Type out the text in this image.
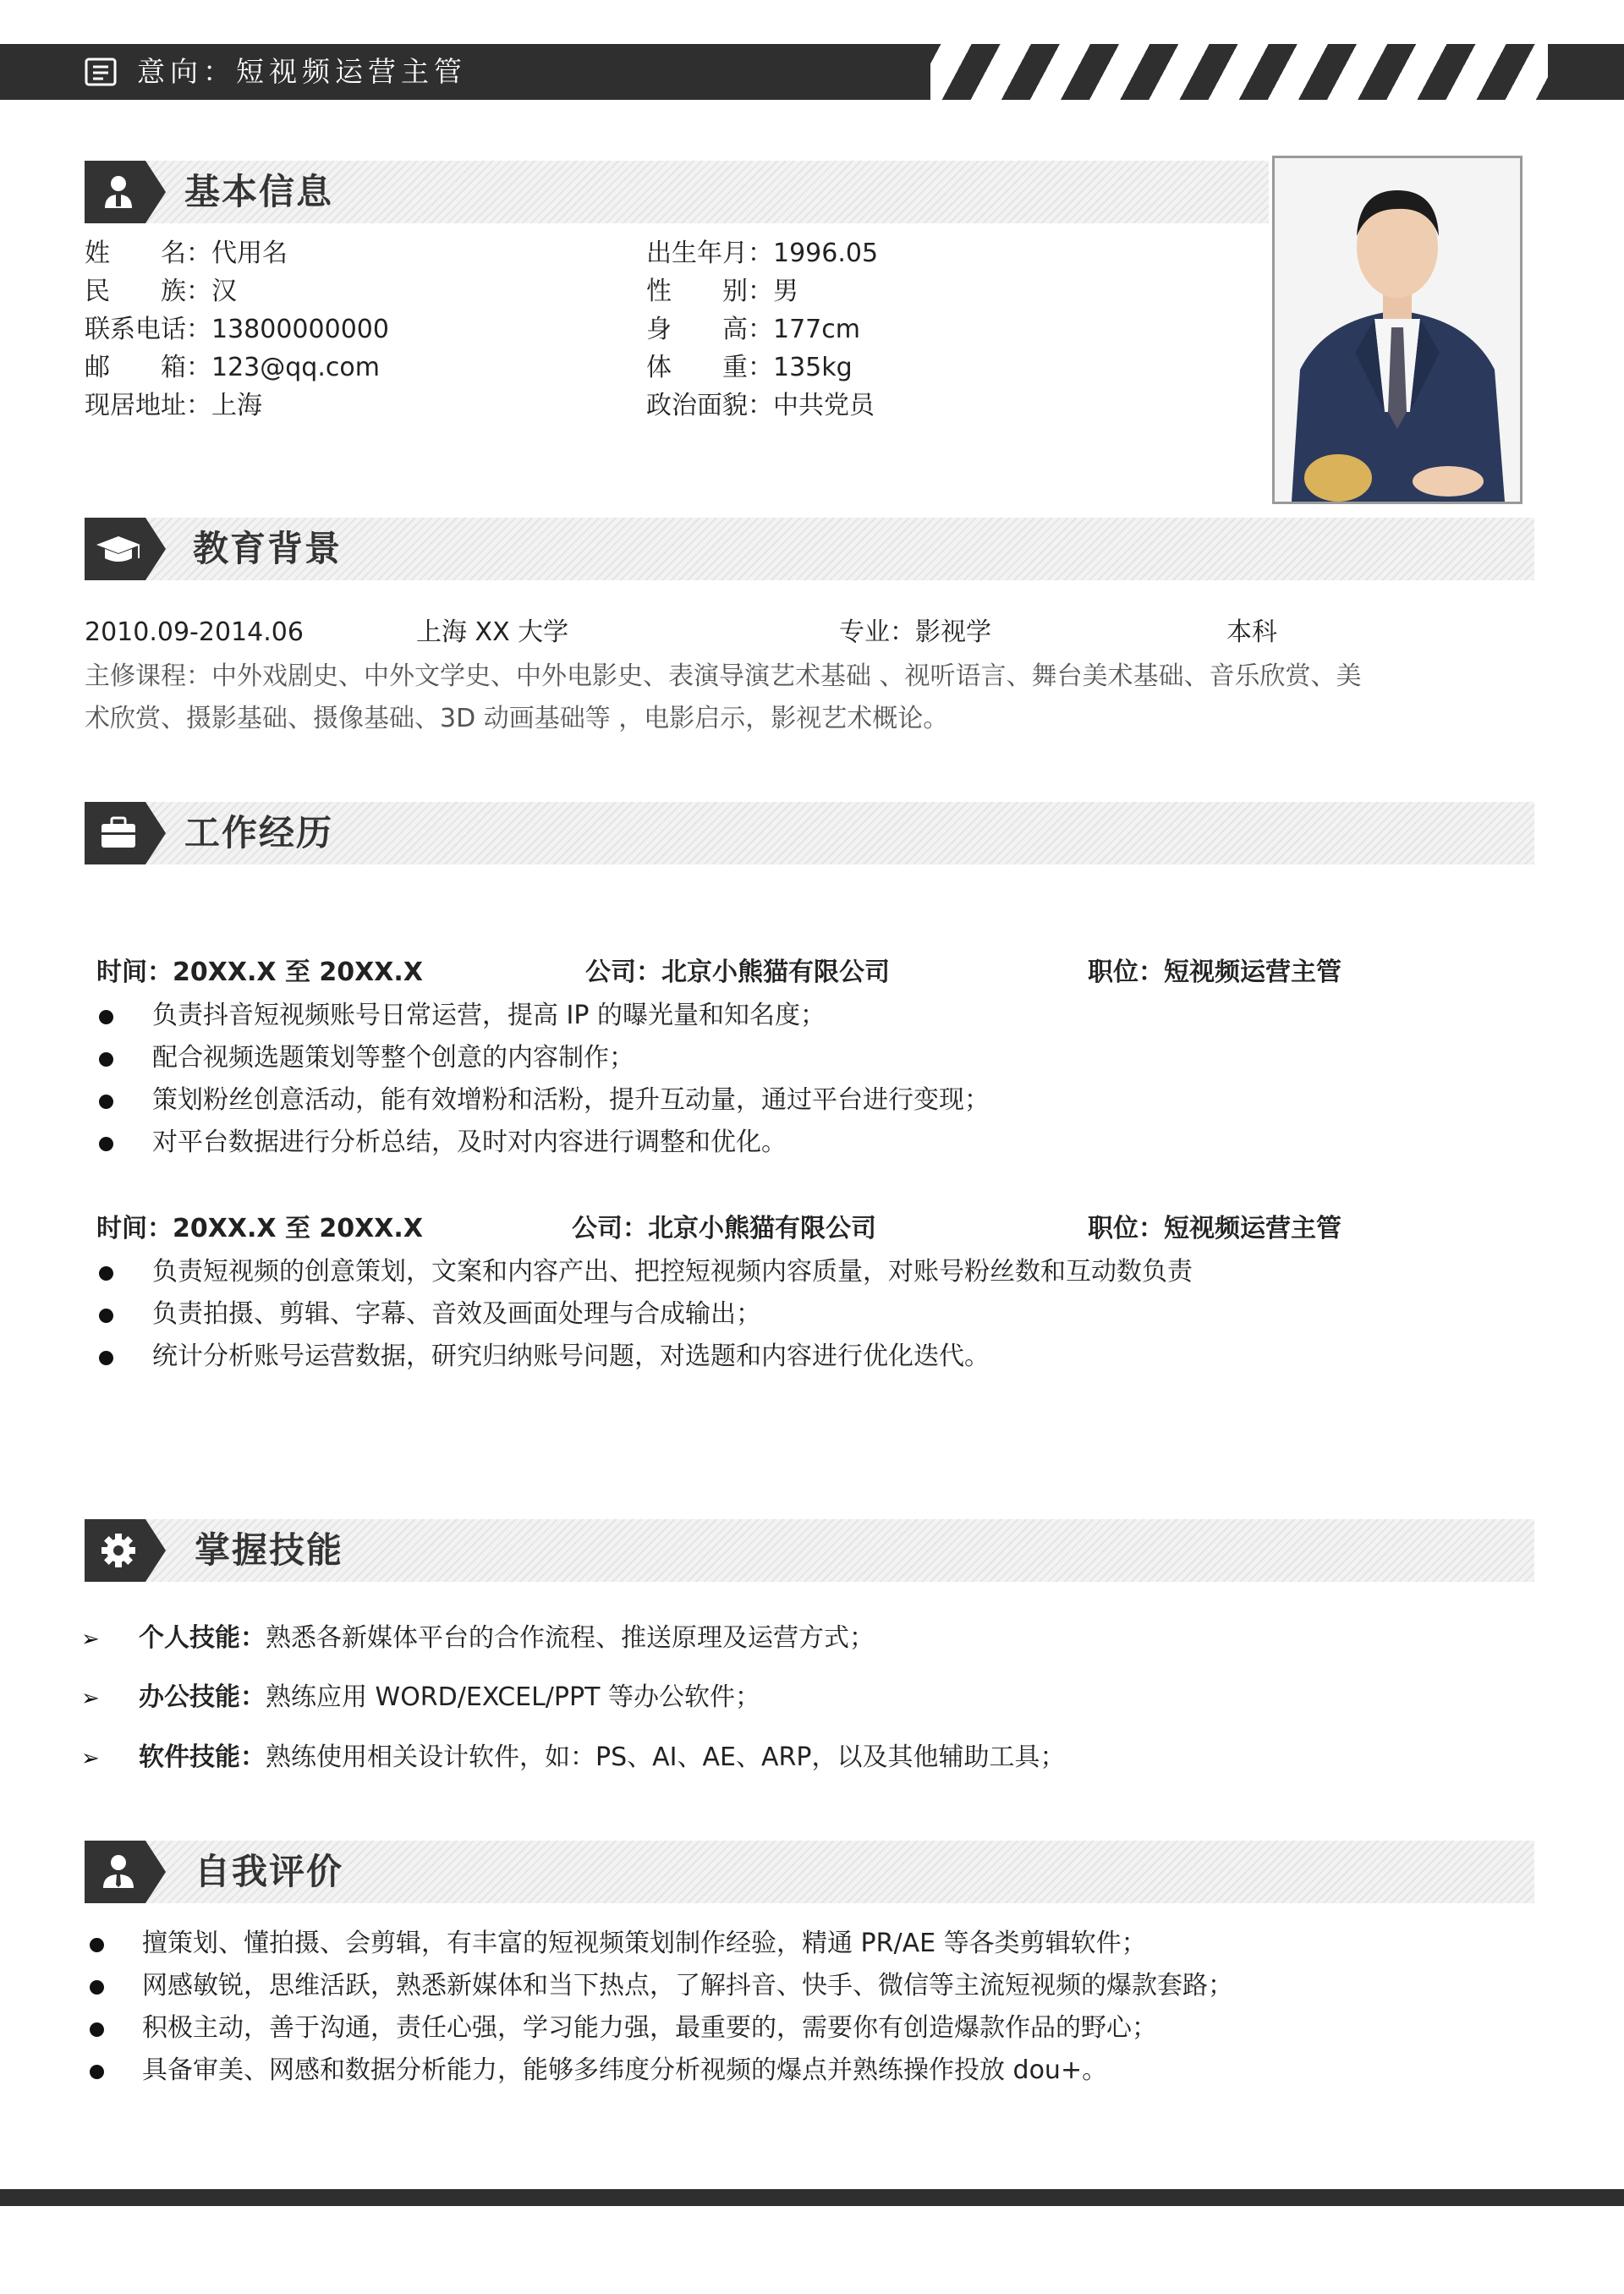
意向：短视频运营主管
基本信息
姓　　名：代用名	出生年月：1996.05
民　　族：汉	性　　别：男
联系电话：13800000000	身　　高：177cm
邮　　箱：123@qq.com	体　　重：135kg
现居地址：上海	政治面貌：中共党员
教育背景
2010.09-2014.06	上海 XX 大学	专业：影视学	本科
主修课程：中外戏剧史、中外文学史、中外电影史、表演导演艺术基础 、视听语言、舞台美术基础、音乐欣赏、美
术欣赏、摄影基础、摄像基础、3D 动画基础等 ，电影启示，影视艺术概论。
工作经历
时间：20XX.X 至 20XX.X	公司：北京小熊猫有限公司	职位：短视频运营主管
负责抖音短视频账号日常运营，提高 IP 的曝光量和知名度；
配合视频选题策划等整个创意的内容制作；
策划粉丝创意活动，能有效增粉和活粉，提升互动量，通过平台进行变现；
对平台数据进行分析总结，及时对内容进行调整和优化。
时间：20XX.X 至 20XX.X	公司：北京小熊猫有限公司	职位：短视频运营主管
负责短视频的创意策划，文案和内容产出、把控短视频内容质量，对账号粉丝数和互动数负责
负责拍摄、剪辑、字幕、音效及画面处理与合成输出；
统计分析账号运营数据，研究归纳账号问题，对选题和内容进行优化迭代。
掌握技能
➢ 个人技能：熟悉各新媒体平台的合作流程、推送原理及运营方式；
➢ 办公技能：熟练应用 WORD/EXCEL/PPT 等办公软件；
➢ 软件技能：熟练使用相关设计软件，如：PS、AI、AE、ARP，以及其他辅助工具；
自我评价
擅策划、懂拍摄、会剪辑，有丰富的短视频策划制作经验，精通 PR/AE 等各类剪辑软件；
网感敏锐，思维活跃，熟悉新媒体和当下热点，了解抖音、快手、微信等主流短视频的爆款套路；
积极主动，善于沟通，责任心强，学习能力强，最重要的，需要你有创造爆款作品的野心；
具备审美、网感和数据分析能力，能够多纬度分析视频的爆点并熟练操作投放 dou+。
